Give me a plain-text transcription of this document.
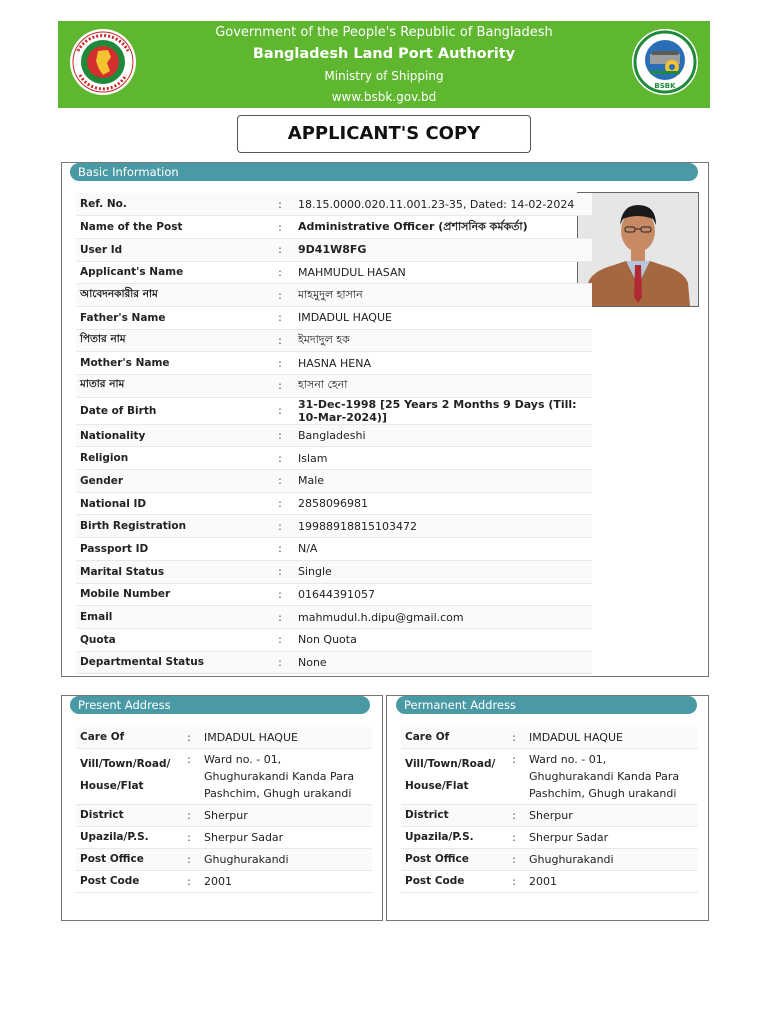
Government of the People's Republic of Bangladesh
Bangladesh Land Port Authority
Ministry of Shipping
www.bsbk.gov.bd
BSBK
APPLICANT'S COPY
Basic Information
Ref. No.	:	18.15.0000.020.11.001.23-35, Dated: 14-02-2024
Name of the Post	:	Administrative Officer (প্রশাসনিক কর্মকর্তা)
User Id	:	9D41W8FG
Applicant's Name	:	MAHMUDUL HASAN
আবেদনকারীর নাম	:	মাহমুদুল হাসান
Father's Name	:	IMDADUL HAQUE
পিতার নাম	:	ইমদাদুল হক
Mother's Name	:	HASNA HENA
মাতার নাম	:	হাসনা হেনা
Date of Birth	:	31-Dec-1998 [25 Years 2 Months 9 Days (Till: 10-Mar-2024)]
Nationality	:	Bangladeshi
Religion	:	Islam
Gender	:	Male
National ID	:	2858096981
Birth Registration	:	19988918815103472
Passport ID	:	N/A
Marital Status	:	Single
Mobile Number	:	01644391057
Email	:	mahmudul.h.dipu@gmail.com
Quota	:	Non Quota
Departmental Status	:	None
Present Address
Care Of	:	IMDADUL HAQUE
Vill/Town/Road/ House/Flat	:	Ward no. - 01, Ghughurakandi Kanda Para Pashchim, Ghugh urakandi
District	:	Sherpur
Upazila/P.S.	:	Sherpur Sadar
Post Office	:	Ghughurakandi
Post Code	:	2001
Permanent Address
Care Of	:	IMDADUL HAQUE
Vill/Town/Road/ House/Flat	:	Ward no. - 01, Ghughurakandi Kanda Para Pashchim, Ghugh urakandi
District	:	Sherpur
Upazila/P.S.	:	Sherpur Sadar
Post Office	:	Ghughurakandi
Post Code	:	2001
